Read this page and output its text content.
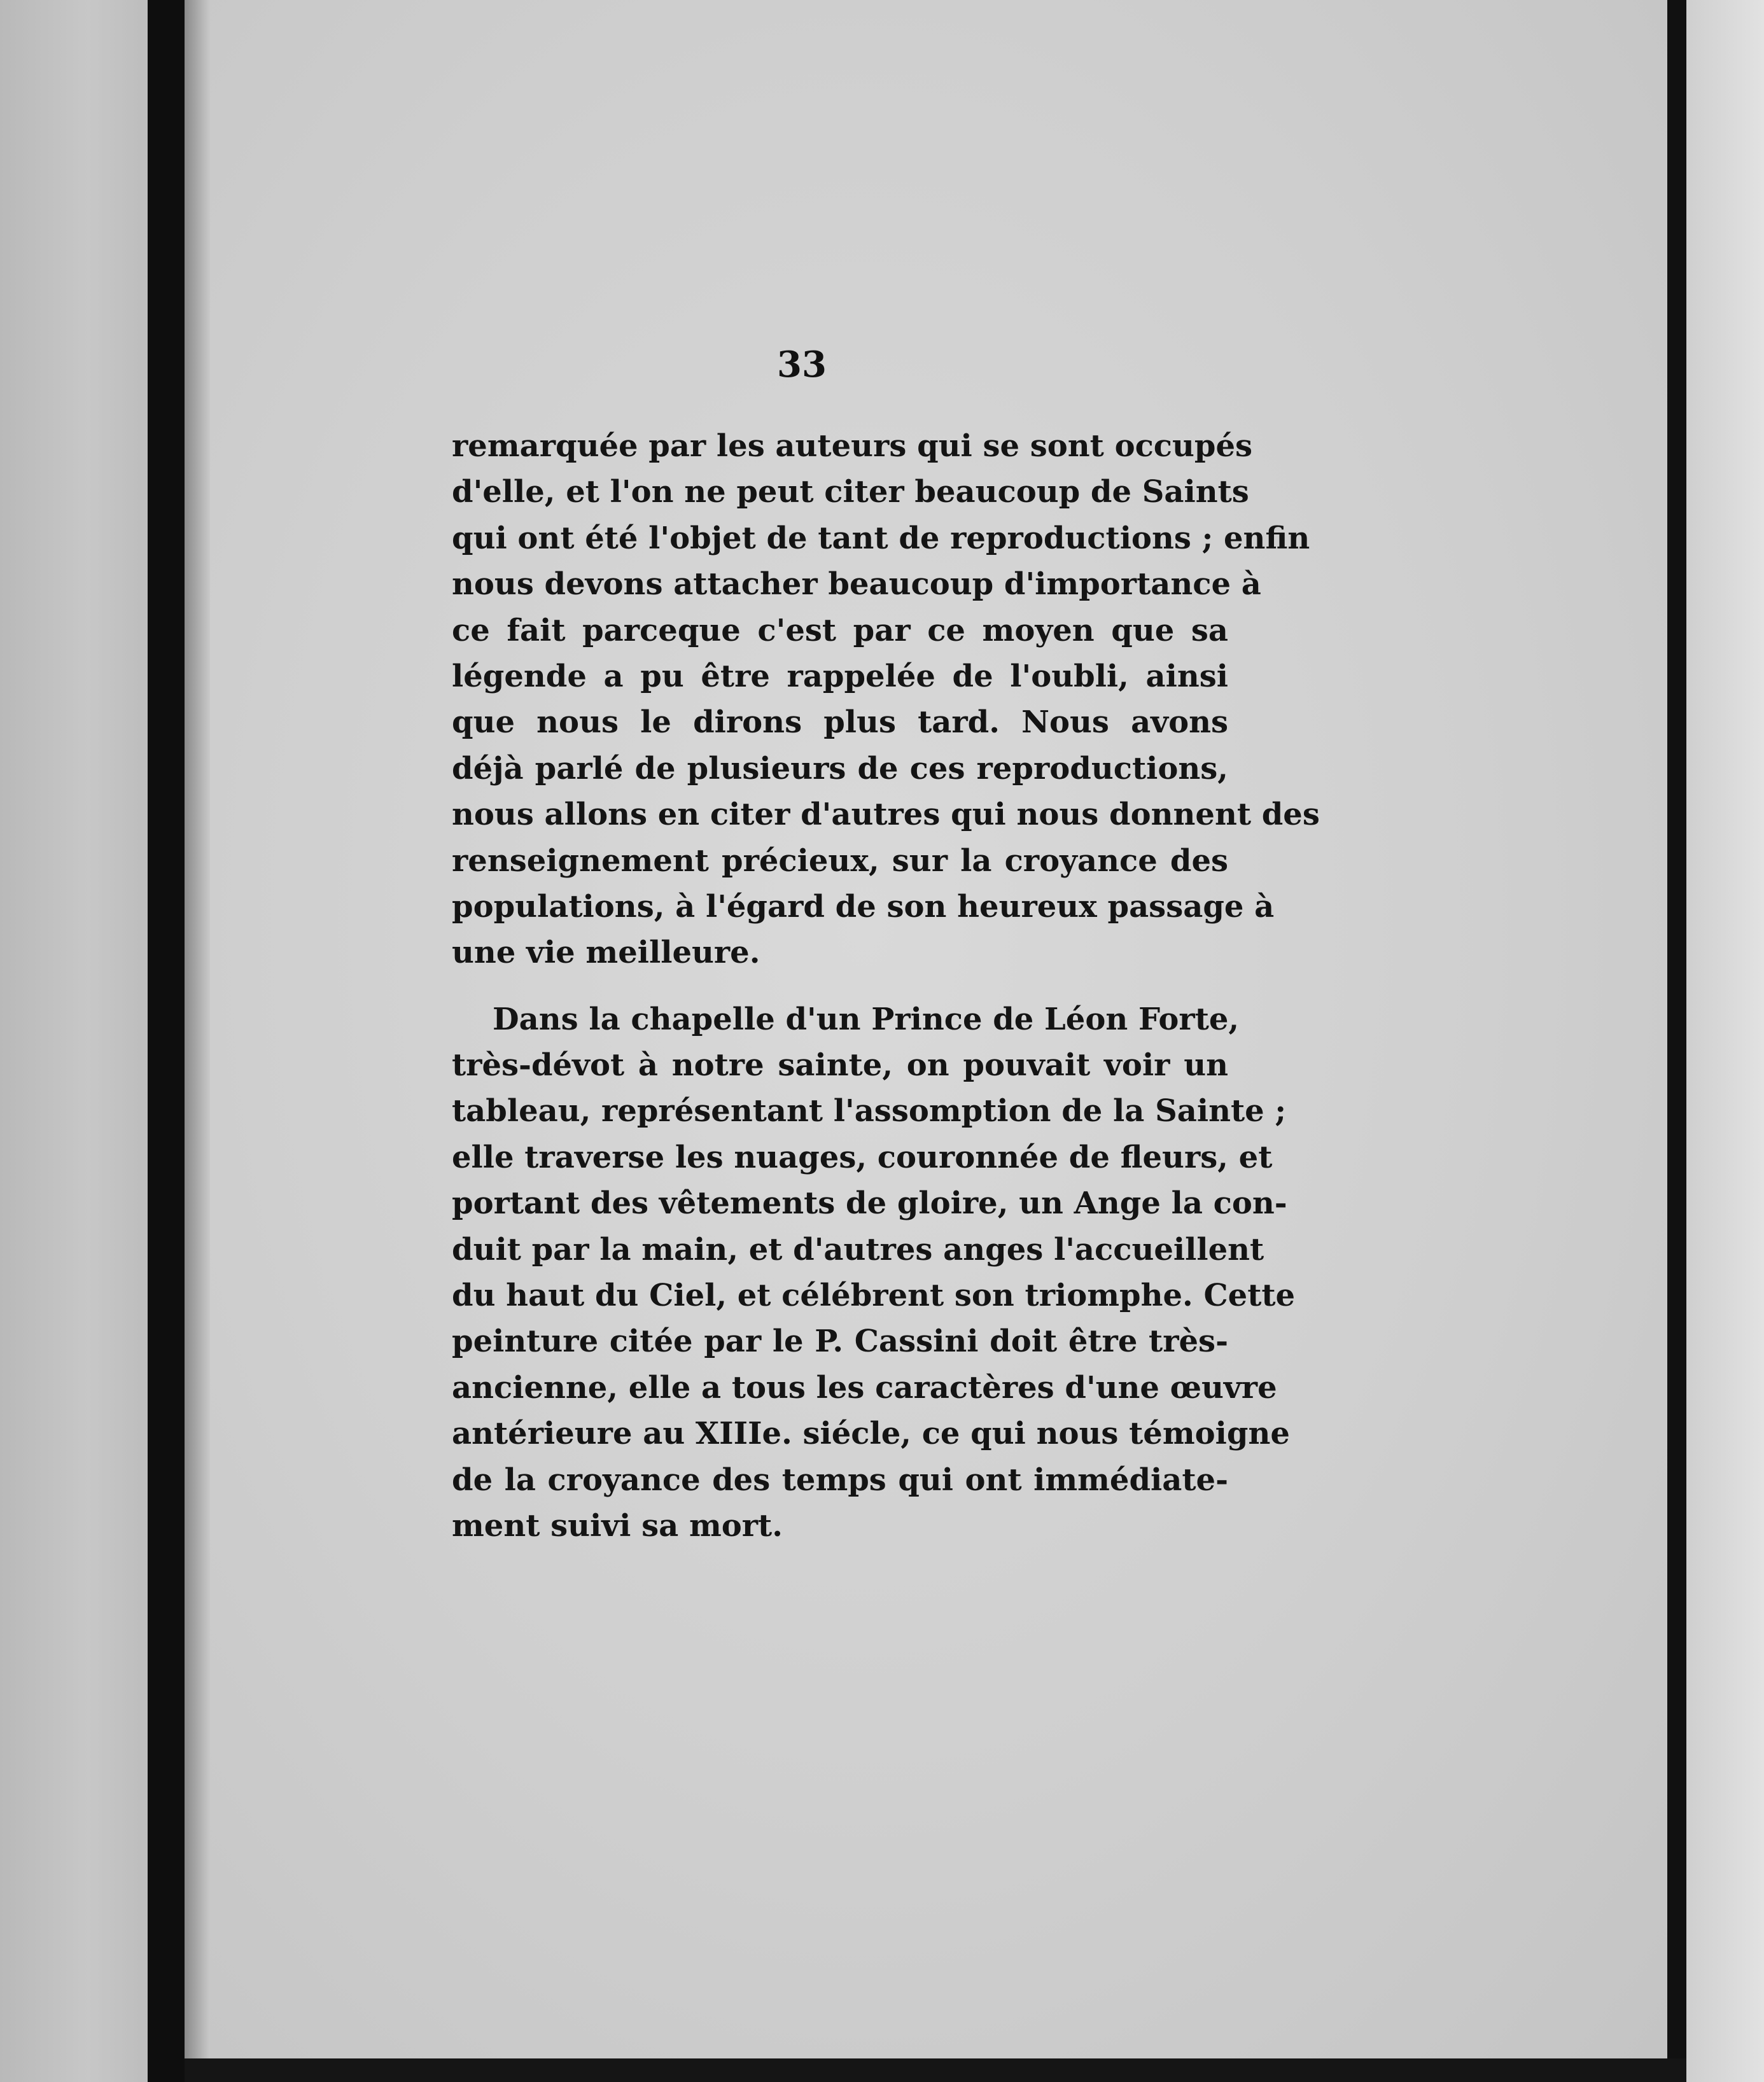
33
remarquée par les auteurs qui se sont occupés
d'elle, et l'on ne peut citer beaucoup de Saints
qui ont été l'objet de tant de reproductions ; enfin
nous devons attacher beaucoup d'importance à
ce fait parceque c'est par ce moyen que sa
légende a pu être rappelée de l'oubli, ainsi
que nous le dirons plus tard. Nous avons
déjà parlé de plusieurs de ces reproductions,
nous allons en citer d'autres qui nous donnent des
renseignement précieux, sur la croyance des
populations, à l'égard de son heureux passage à
une vie meilleure.
Dans la chapelle d'un Prince de Léon Forte,
très-dévot à notre sainte, on pouvait voir un
tableau, représentant l'assomption de la Sainte ;
elle traverse les nuages, couronnée de fleurs, et
portant des vêtements de gloire, un Ange la con-
duit par la main, et d'autres anges l'accueillent
du haut du Ciel, et célébrent son triomphe. Cette
peinture citée par le P. Cassini doit être très-
ancienne, elle a tous les caractères d'une œuvre
antérieure au XIIIe. siécle, ce qui nous témoigne
de la croyance des temps qui ont immédiate-
ment suivi sa mort.
